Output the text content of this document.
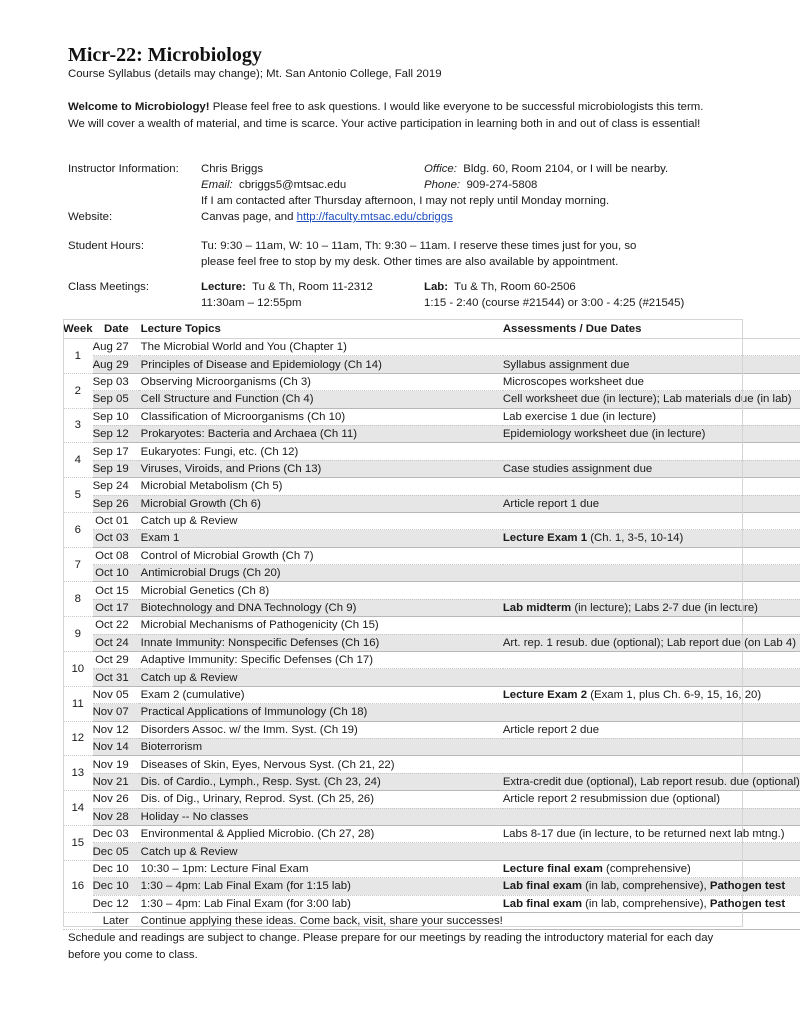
Micr-22: Microbiology
Course Syllabus (details may change); Mt. San Antonio College, Fall 2019
Welcome to Microbiology! Please feel free to ask questions. I would like everyone to be successful microbiologists this term. We will cover a wealth of material, and time is scarce. Your active participation in learning both in and out of class is essential!
Instructor Information: Chris Briggs	Office: Bldg. 60, Room 2104, or I will be nearby.
Email: cbriggs5@mtsac.edu	Phone: 909-274-5808
If I am contacted after Thursday afternoon, I may not reply until Monday morning.
Website:	Canvas page, and http://faculty.mtsac.edu/cbriggs
Student Hours:	Tu: 9:30 – 11am, W: 10 – 11am, Th: 9:30 – 11am. I reserve these times just for you, so
please feel free to stop by my desk. Other times are also available by appointment.
Class Meetings:	Lecture: Tu & Th, Room 11-2312
11:30am – 12:55pm
Lab: Tu & Th, Room 60-2506
1:15 - 2:40 (course #21544) or 3:00 - 4:25 (#21545)
Week	Date	Lecture Topics	Assessments / Due Dates
1	Aug 27	The Microbial World and You (Chapter 1)	
	Aug 29	Principles of Disease and Epidemiology (Ch 14)	Syllabus assignment due
2	Sep 03	Observing Microorganisms (Ch 3)	Microscopes worksheet due
	Sep 05	Cell Structure and Function (Ch 4)	Cell worksheet due (in lecture); Lab materials due (in lab)
3	Sep 10	Classification of Microorganisms (Ch 10)	Lab exercise 1 due (in lecture)
	Sep 12	Prokaryotes: Bacteria and Archaea (Ch 11)	Epidemiology worksheet due (in lecture)
4	Sep 17	Eukaryotes: Fungi, etc. (Ch 12)	
	Sep 19	Viruses, Viroids, and Prions (Ch 13)	Case studies assignment due
5	Sep 24	Microbial Metabolism (Ch 5)	
	Sep 26	Microbial Growth (Ch 6)	Article report 1 due
6	Oct 01	Catch up & Review	
	Oct 03	Exam 1	Lecture Exam 1 (Ch. 1, 3-5, 10-14)
7	Oct 08	Control of Microbial Growth (Ch 7)	
	Oct 10	Antimicrobial Drugs (Ch 20)	
8	Oct 15	Microbial Genetics (Ch 8)	
	Oct 17	Biotechnology and DNA Technology (Ch 9)	Lab midterm (in lecture); Labs 2-7 due (in lecture)
9	Oct 22	Microbial Mechanisms of Pathogenicity (Ch 15)	
	Oct 24	Innate Immunity: Nonspecific Defenses (Ch 16)	Art. rep. 1 resub. due (optional); Lab report due (on Lab 4)
10	Oct 29	Adaptive Immunity: Specific Defenses (Ch 17)	
	Oct 31	Catch up & Review	
11	Nov 05	Exam 2 (cumulative)	Lecture Exam 2 (Exam 1, plus Ch. 6-9, 15, 16, 20)
	Nov 07	Practical Applications of Immunology (Ch 18)	
12	Nov 12	Disorders Assoc. w/ the Imm. Syst. (Ch 19)	Article report 2 due
	Nov 14	Bioterrorism	
13	Nov 19	Diseases of Skin, Eyes, Nervous Syst. (Ch 21, 22)	
	Nov 21	Dis. of Cardio., Lymph., Resp. Syst. (Ch 23, 24)	Extra-credit due (optional), Lab report resub. due (optional)
14	Nov 26	Dis. of Dig., Urinary, Reprod. Syst. (Ch 25, 26)	Article report 2 resubmission due (optional)
	Nov 28	Holiday -- No classes	
15	Dec 03	Environmental & Applied Microbio. (Ch 27, 28)	Labs 8-17 due (in lecture, to be returned next lab mtng.)
	Dec 05	Catch up & Review	
16	Dec 10	10:30 – 1pm: Lecture Final Exam	Lecture final exam (comprehensive)
	Dec 10	1:30 – 4pm: Lab Final Exam (for 1:15 lab)	Lab final exam (in lab, comprehensive), Pathogen test
	Dec 12	1:30 – 4pm: Lab Final Exam (for 3:00 lab)	Lab final exam (in lab, comprehensive), Pathogen test
	Later	Continue applying these ideas. Come back, visit, share your successes!	
Schedule and readings are subject to change. Please prepare for our meetings by reading the introductory material for each day before you come to class.
